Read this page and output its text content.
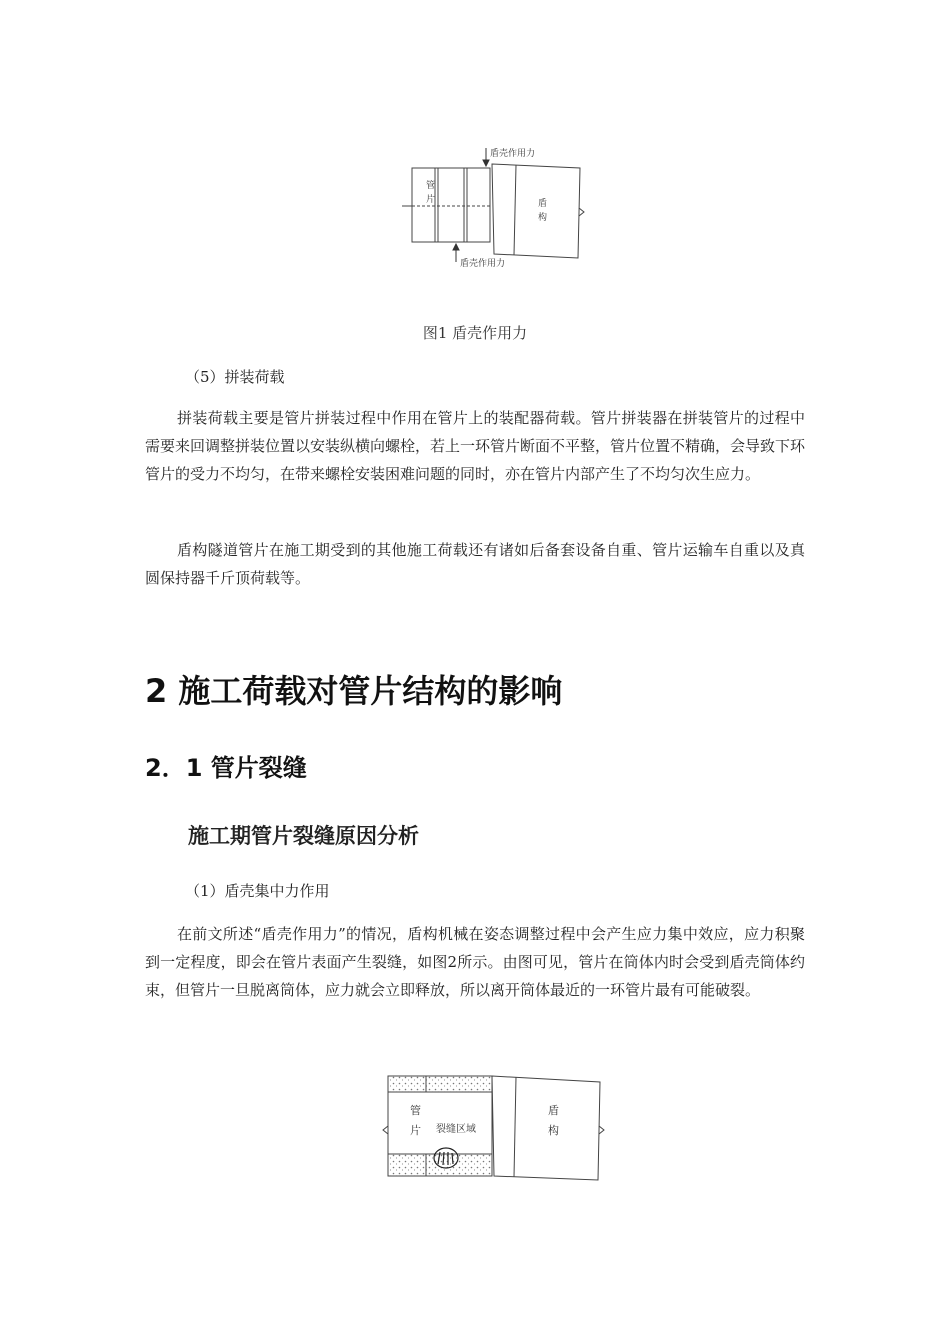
盾壳作用力
盾壳作用力
管
片	盾
构
图1 盾壳作用力
（5）拼装荷载

拼装荷载主要是管片拼装过程中作用在管片上的装配器荷载。管片拼装器在拼装管片的过程中需要来回调整拼装位置以安装纵横向螺栓，若上一环管片断面不平整，管片位置不精确，会导致下环管片的受力不均匀，在带来螺栓安装困难问题的同时，亦在管片内部产生了不均匀次生应力。

盾构隧道管片在施工期受到的其他施工荷载还有诸如后备套设备自重、管片运输车自重以及真圆保持器千斤顶荷载等。

2 施工荷载对管片结构的影响
2．1 管片裂缝
施工期管片裂缝原因分析
（1）盾壳集中力作用

在前文所述“盾壳作用力”的情况，盾构机械在姿态调整过程中会产生应力集中效应，应力积聚到一定程度，即会在管片表面产生裂缝，如图2所示。由图可见，管片在筒体内时会受到盾壳筒体约束，但管片一旦脱离筒体，应力就会立即释放，所以离开筒体最近的一环管片最有可能破裂。

管
片 裂缝区域
盾
构
